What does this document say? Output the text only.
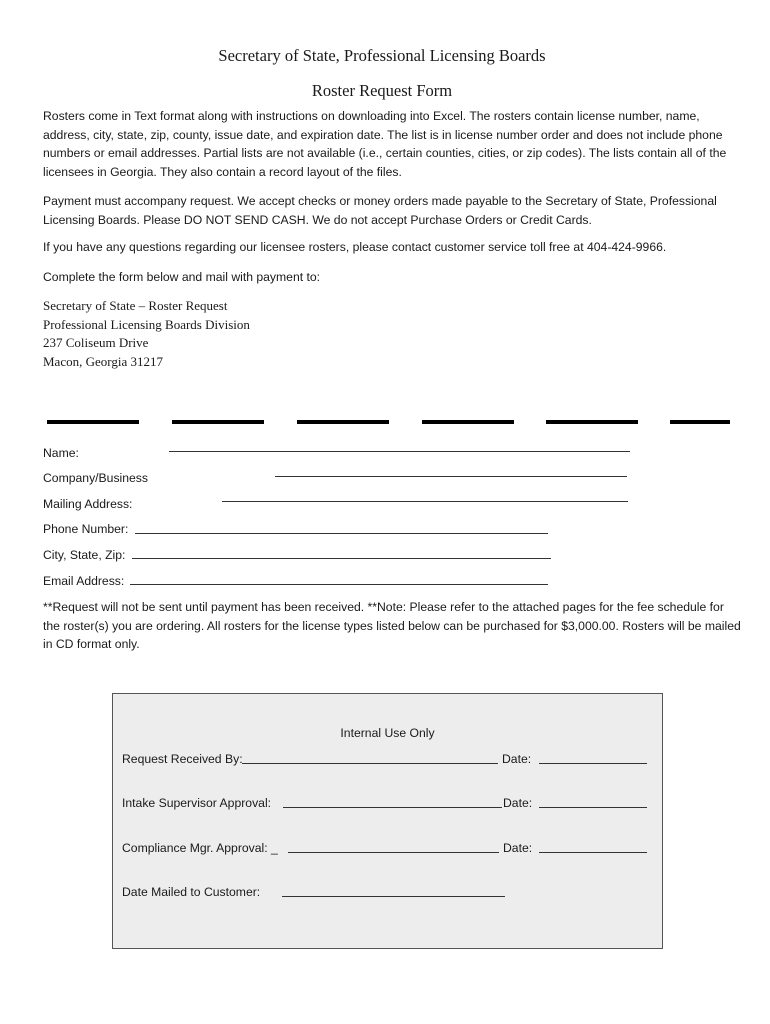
Secretary of State, Professional Licensing Boards
Roster Request Form
Rosters come in Text format along with instructions on downloading into Excel. The rosters contain license number, name, address, city, state, zip, county, issue date, and expiration date. The list is in license number order and does not include phone numbers or email addresses. Partial lists are not available (i.e., certain counties, cities, or zip codes). The lists contain all of the licensees in Georgia. They also contain a record layout of the files.
Payment must accompany request. We accept checks or money orders made payable to the Secretary of State, Professional Licensing Boards. Please DO NOT SEND CASH. We do not accept Purchase Orders or Credit Cards.
If you have any questions regarding our licensee rosters, please contact customer service toll free at 404-424-9966.
Complete the form below and mail with payment to:
Secretary of State – Roster Request
Professional Licensing Boards Division
237 Coliseum Drive
Macon, Georgia 31217
Name:
Company/Business
Mailing Address:
Phone Number:
City, State, Zip:
Email Address:
**Request will not be sent until payment has been received. **Note: Please refer to the attached pages for the fee schedule for the roster(s) you are ordering. All rosters for the license types listed below can be purchased for $3,000.00. Rosters will be mailed in CD format only.
Internal Use Only
Request Received By:	Date:
Intake Supervisor Approval:	Date:
Compliance Mgr. Approval: _	Date:
Date Mailed to Customer:
